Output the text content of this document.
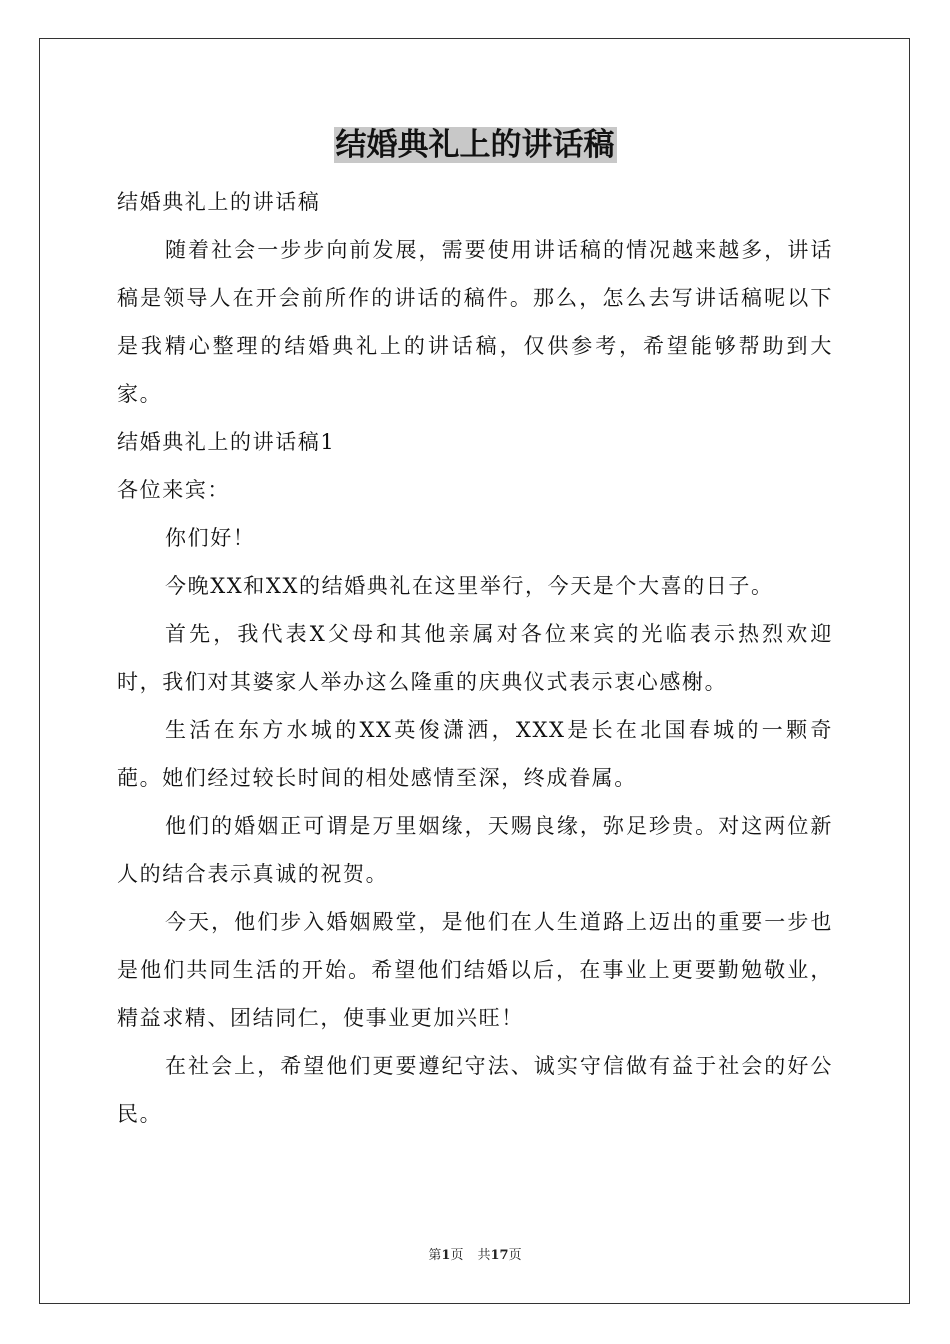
结婚典礼上的讲话稿

结婚典礼上的讲话稿

随着社会一步步向前发展，需要使用讲话稿的情况越来越多，讲话稿是领导人在开会前所作的讲话的稿件。那么，怎么去写讲话稿呢以下是我精心整理的结婚典礼上的讲话稿，仅供参考，希望能够帮助到大家。

结婚典礼上的讲话稿1

各位来宾：

你们好！

今晚XX和XX的结婚典礼在这里举行，今天是个大喜的日子。

首先，我代表X父母和其他亲属对各位来宾的光临表示热烈欢迎时，我们对其婆家人举办这么隆重的庆典仪式表示衷心感榭。

生活在东方水城的XX英俊潇洒，XXX是长在北国春城的一颗奇葩。她们经过较长时间的相处感情至深，终成眷属。

他们的婚姻正可谓是万里姻缘，天赐良缘，弥足珍贵。对这两位新人的结合表示真诚的祝贺。

今天，他们步入婚姻殿堂，是他们在人生道路上迈出的重要一步也是他们共同生活的开始。希望他们结婚以后，在事业上更要勤勉敬业，精益求精、团结同仁，使事业更加兴旺！

在社会上，希望他们更要遵纪守法、诚实守信做有益于社会的好公民。

第1页 共17页
